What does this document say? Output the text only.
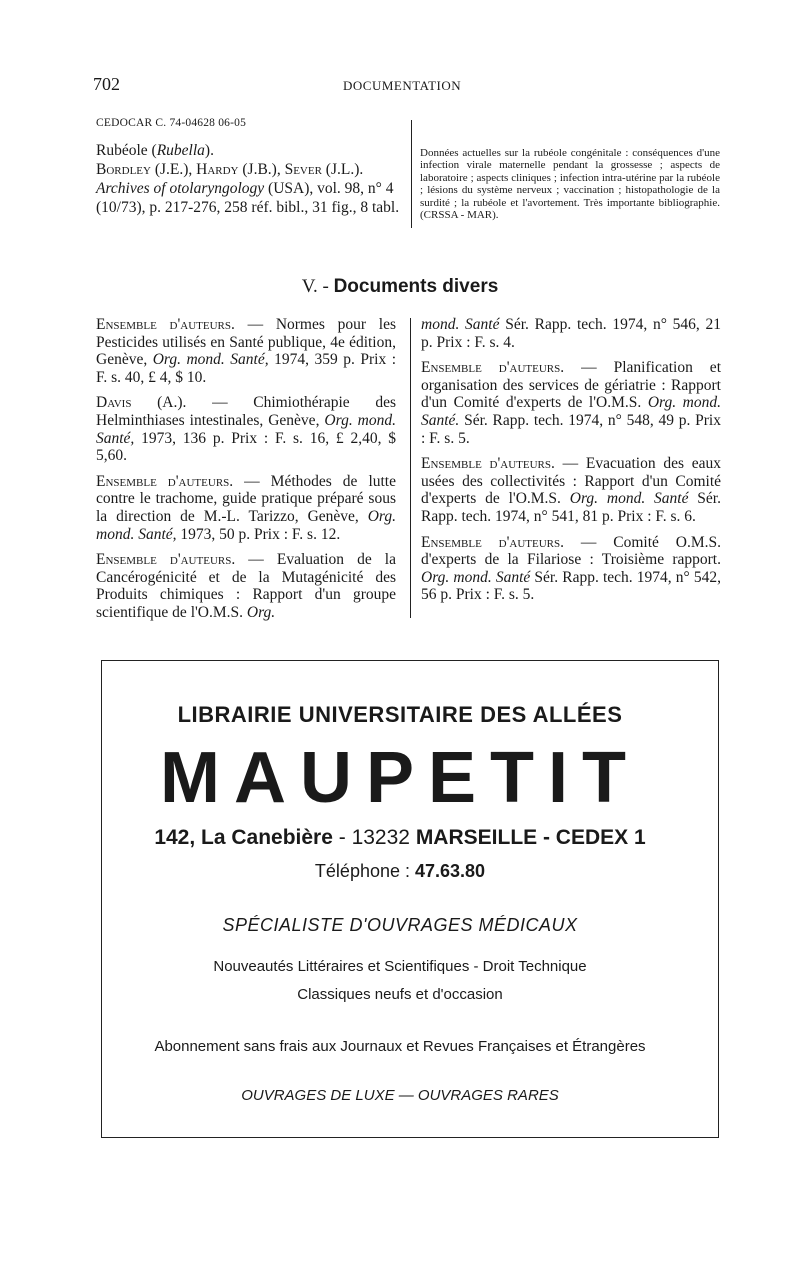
702	DOCUMENTATION
CEDOCAR C. 74-04628 06-05
Rubéole (Rubella).
Bordley (J.E.), Hardy (J.B.), Sever (J.L.).
Archives of otolaryngology (USA), vol. 98, n° 4 (10/73), p. 217-276, 258 réf. bibl., 31 fig., 8 tabl.
Données actuelles sur la rubéole congénitale : conséquences d'une infection virale maternelle pendant la grossesse ; aspects de laboratoire ; aspects cliniques ; infection intra-utérine par la rubéole ; lésions du système nerveux ; vaccination ; histopathologie de la surdité ; la rubéole et l'avortement. Très importante bibliographie. (CRSSA - MAR).
V. - Documents divers
Ensemble d'auteurs. — Normes pour les Pesticides utilisés en Santé publique, 4e édition, Genève, Org. mond. Santé, 1974, 359 p. Prix : F. s. 40, £ 4, $ 10.
Davis (A.). — Chimiothérapie des Helminthiases intestinales, Genève, Org. mond. Santé, 1973, 136 p. Prix : F. s. 16, £ 2,40, $ 5,60.
Ensemble d'auteurs. — Méthodes de lutte contre le trachome, guide pratique préparé sous la direction de M.-L. Tarizzo, Genève, Org. mond. Santé, 1973, 50 p. Prix : F. s. 12.
Ensemble d'auteurs. — Evaluation de la Cancérogénicité et de la Mutagénicité des Produits chimiques : Rapport d'un groupe scientifique de l'O.M.S. Org.
mond. Santé Sér. Rapp. tech. 1974, n° 546, 21 p. Prix : F. s. 4.
Ensemble d'auteurs. — Planification et organisation des services de gériatrie : Rapport d'un Comité d'experts de l'O.M.S. Org. mond. Santé. Sér. Rapp. tech. 1974, n° 548, 49 p. Prix : F. s. 5.
Ensemble d'auteurs. — Evacuation des eaux usées des collectivités : Rapport d'un Comité d'experts de l'O.M.S. Org. mond. Santé Sér. Rapp. tech. 1974, n° 541, 81 p. Prix : F. s. 6.
Ensemble d'auteurs. — Comité O.M.S. d'experts de la Filariose : Troisième rapport. Org. mond. Santé Sér. Rapp. tech. 1974, n° 542, 56 p. Prix : F. s. 5.
LIBRAIRIE UNIVERSITAIRE DES ALLÉES
MAUPETIT
142, La Canebière - 13232 MARSEILLE - CEDEX 1
Téléphone : 47.63.80
SPÉCIALISTE D'OUVRAGES MÉDICAUX
Nouveautés Littéraires et Scientifiques - Droit Technique
Classiques neufs et d'occasion
Abonnement sans frais aux Journaux et Revues Françaises et Étrangères
OUVRAGES DE LUXE — OUVRAGES RARES
